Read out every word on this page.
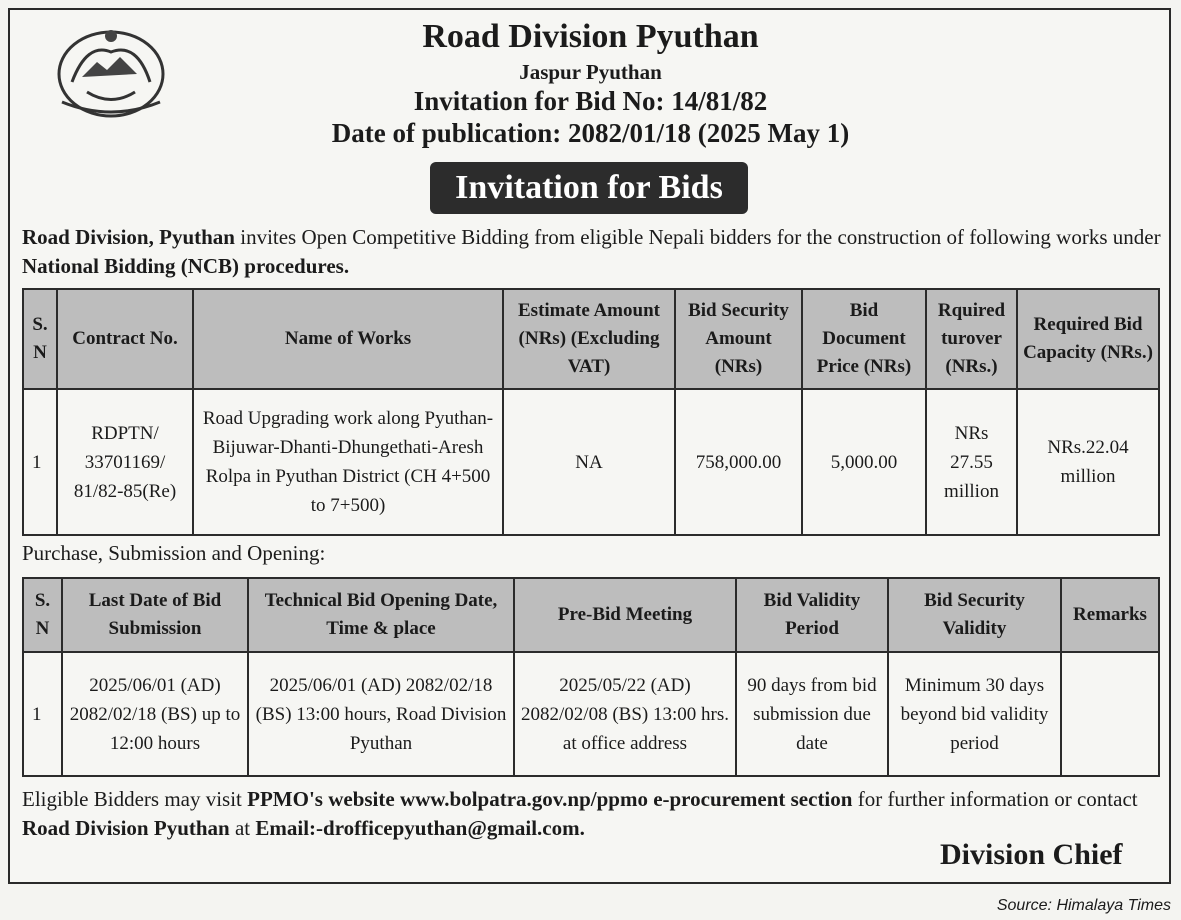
Road Division Pyuthan
Jaspur Pyuthan
Invitation for Bid No: 14/81/82
Date of publication: 2082/01/18 (2025 May 1)
Invitation for Bids
Road Division, Pyuthan invites Open Competitive Bidding from eligible Nepali bidders for the construction of following works under National Bidding (NCB) procedures.
S. N	Contract No.	Name of Works	Estimate Amount (NRs) (Excluding VAT)	Bid Security Amount (NRs)	Bid Document Price (NRs)	Rquired turover (NRs.)	Required Bid Capacity (NRs.)
1	RDPTN/ 33701169/ 81/82-85(Re)	Road Upgrading work along Pyuthan-Bijuwar-Dhanti-Dhungethati-Aresh Rolpa in Pyuthan District (CH 4+500 to 7+500)	NA	758,000.00	5,000.00	NRs 27.55 million	NRs.22.04 million
Purchase, Submission and Opening:
S. N	Last Date of Bid Submission	Technical Bid Opening Date, Time & place	Pre-Bid Meeting	Bid Validity Period	Bid Security Validity	Remarks
1	2025/06/01 (AD) 2082/02/18 (BS) up to 12:00 hours	2025/06/01 (AD) 2082/02/18 (BS) 13:00 hours, Road Division Pyuthan	2025/05/22 (AD) 2082/02/08 (BS) 13:00 hrs. at office address	90 days from bid submission due date	Minimum 30 days beyond bid validity period	
Eligible Bidders may visit PPMO's website www.bolpatra.gov.np/ppmo e-procurement section for further information or contact Road Division Pyuthan at Email:-drofficepyuthan@gmail.com.
Division Chief
Source: Himalaya Times
